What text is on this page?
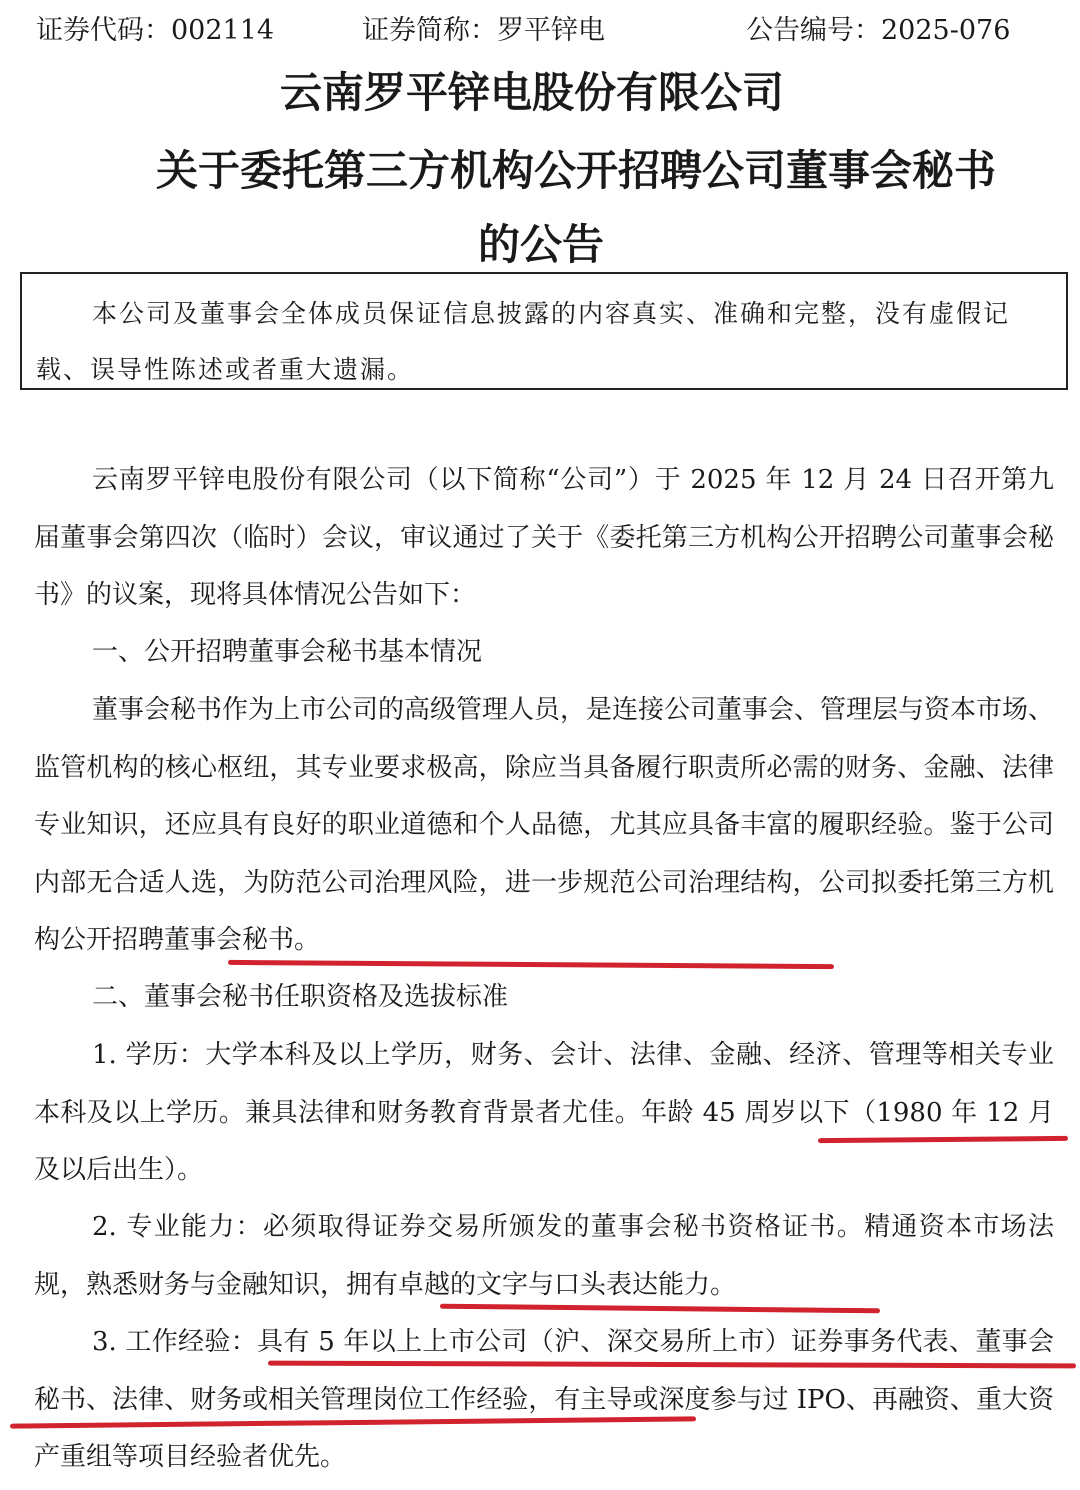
证券代码：002114	证券简称：罗平锌电	公告编号：2025-076
云南罗平锌电股份有限公司
关于委托第三方机构公开招聘公司董事会秘书
的公告

本公司及董事会全体成员保证信息披露的内容真实、准确和完整，没有虚假记载、误导性陈述或者重大遗漏。

云南罗平锌电股份有限公司（以下简称“公司”）于 2025 年 12 月 24 日召开第九届董事会第四次（临时）会议，审议通过了关于《委托第三方机构公开招聘公司董事会秘书》的议案，现将具体情况公告如下：

一、公开招聘董事会秘书基本情况

董事会秘书作为上市公司的高级管理人员，是连接公司董事会、管理层与资本市场、监管机构的核心枢纽，其专业要求极高，除应当具备履行职责所必需的财务、金融、法律专业知识，还应具有良好的职业道德和个人品德，尤其应具备丰富的履职经验。鉴于公司内部无合适人选，为防范公司治理风险，进一步规范公司治理结构，公司拟委托第三方机构公开招聘董事会秘书。

二、董事会秘书任职资格及选拔标准

1. 学历：大学本科及以上学历，财务、会计、法律、金融、经济、管理等相关专业本科及以上学历。兼具法律和财务教育背景者尤佳。年龄 45 周岁以下（1980 年 12 月及以后出生）。

2. 专业能力：必须取得证券交易所颁发的董事会秘书资格证书。精通资本市场法规，熟悉财务与金融知识，拥有卓越的文字与口头表达能力。

3. 工作经验：具有 5 年以上上市公司（沪、深交易所上市）证券事务代表、董事会秘书、法律、财务或相关管理岗位工作经验，有主导或深度参与过 IPO、再融资、重大资产重组等项目经验者优先。
